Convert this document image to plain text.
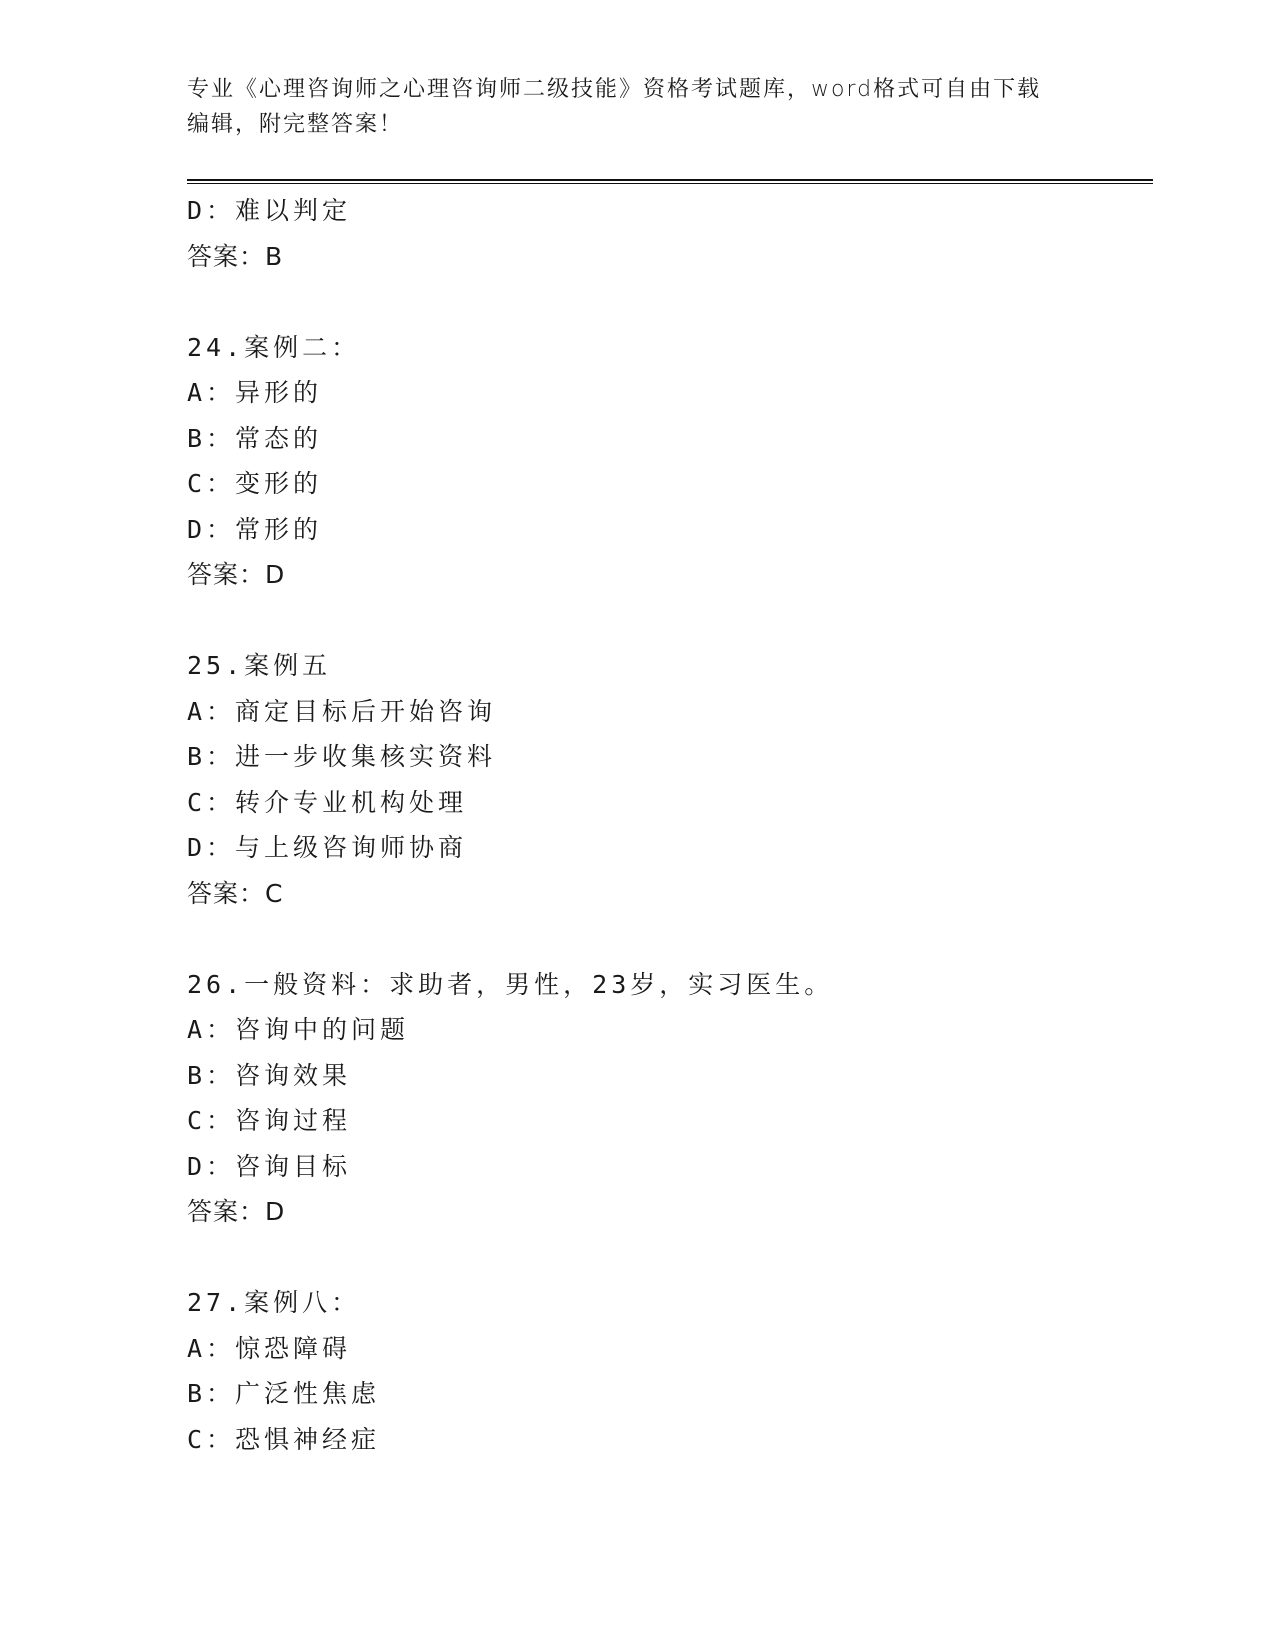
专业《心理咨询师之心理咨询师二级技能》资格考试题库，word格式可自由下载
编辑，附完整答案！
D：难以判定
答案：B
24.案例二：
A：异形的
B：常态的
C：变形的
D：常形的
答案：D
25.案例五
A：商定目标后开始咨询
B：进一步收集核实资料
C：转介专业机构处理
D：与上级咨询师协商
答案：C
26.一般资料：求助者，男性，23岁，实习医生。
A：咨询中的问题
B：咨询效果
C：咨询过程
D：咨询目标
答案：D
27.案例八：
A：惊恐障碍
B：广泛性焦虑
C：恐惧神经症
